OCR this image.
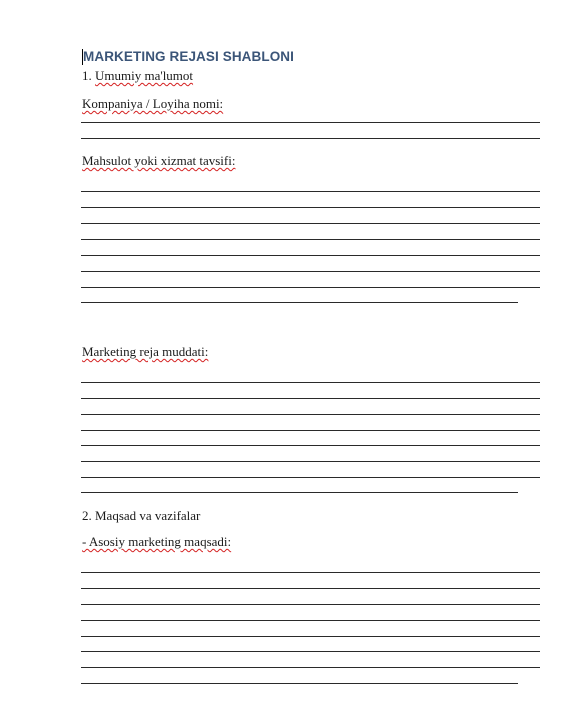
MARKETING REJASI SHABLONI
1. Umumiy ma'lumot
Kompaniya / Loyiha nomi:
Mahsulot yoki xizmat tavsifi:
Marketing reja muddati:
2. Maqsad va vazifalar
- Asosiy marketing maqsadi:
